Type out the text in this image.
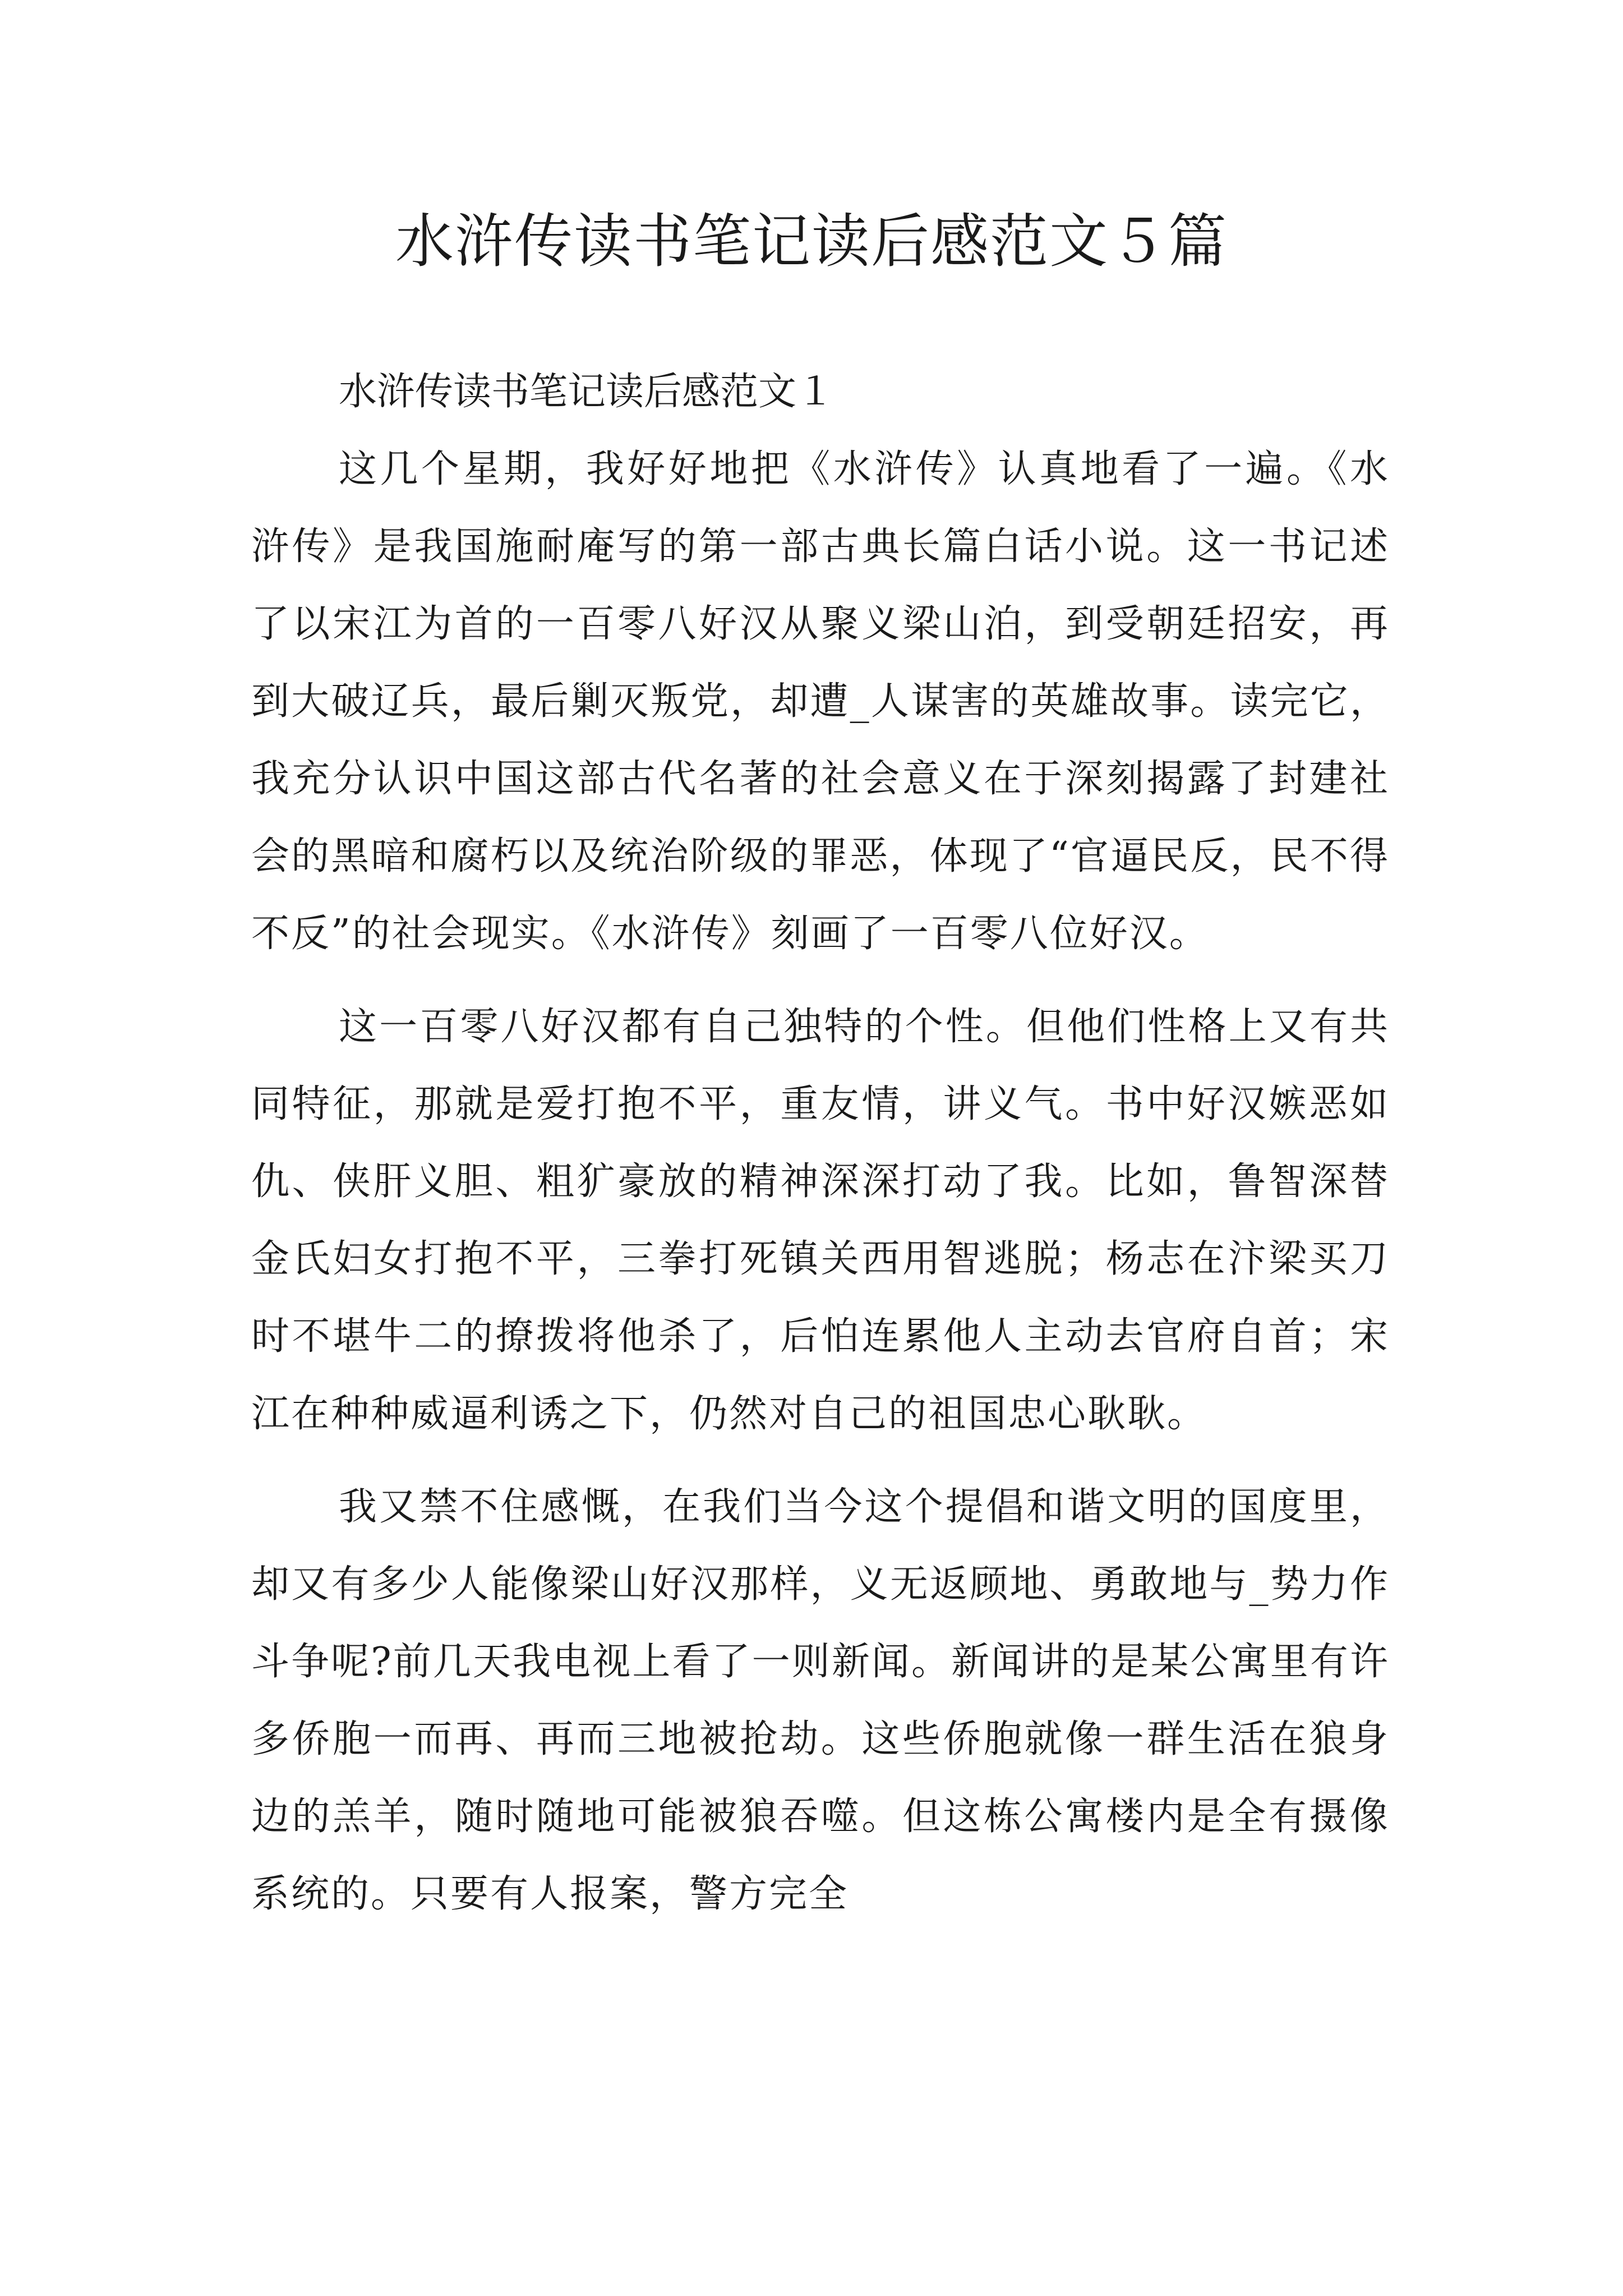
水浒传读书笔记读后感范文５篇

水浒传读书笔记读后感范文１

这几个星期，我好好地把《水浒传》认真地看了一遍。《水浒传》是我国施耐庵写的第一部古典长篇白话小说。这一书记述了以宋江为首的一百零八好汉从聚义梁山泊，到受朝廷招安，再到大破辽兵，最后剿灭叛党，却遭_人谋害的英雄故事。读完它，我充分认识中国这部古代名著的社会意义在于深刻揭露了封建社会的黑暗和腐朽以及统治阶级的罪恶，体现了“官逼民反，民不得不反”的社会现实。《水浒传》刻画了一百零八位好汉。

这一百零八好汉都有自己独特的个性。但他们性格上又有共同特征，那就是爱打抱不平，重友情，讲义气。书中好汉嫉恶如仇、侠肝义胆、粗犷豪放的精神深深打动了我。比如，鲁智深替金氏妇女打抱不平，三拳打死镇关西用智逃脱；杨志在汴梁买刀时不堪牛二的撩拨将他杀了，后怕连累他人主动去官府自首；宋江在种种威逼利诱之下，仍然对自己的祖国忠心耿耿。

我又禁不住感慨，在我们当今这个提倡和谐文明的国度里，却又有多少人能像梁山好汉那样，义无返顾地、勇敢地与_势力作斗争呢?前几天我电视上看了一则新闻。新闻讲的是某公寓里有许多侨胞一而再、再而三地被抢劫。这些侨胞就像一群生活在狼身边的羔羊，随时随地可能被狼吞噬。但这栋公寓楼内是全有摄像系统的。只要有人报案，警方完全
